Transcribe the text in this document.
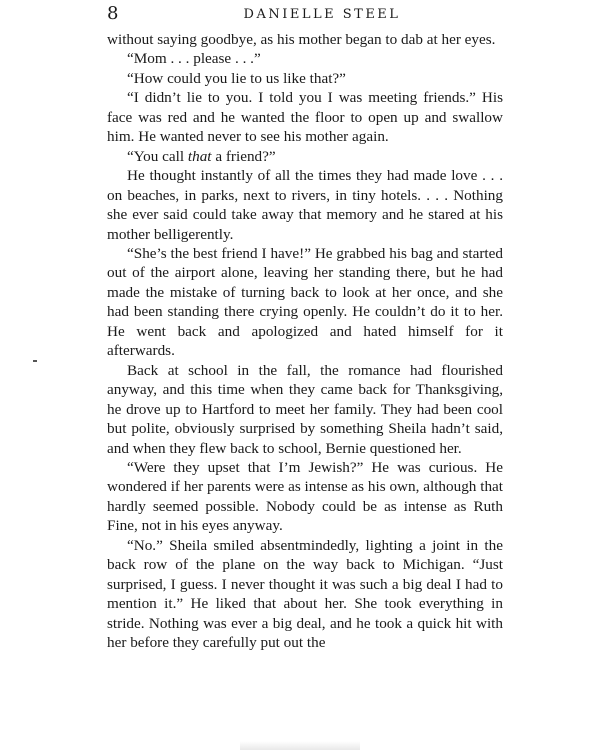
8	DANIELLE STEEL

without saying goodbye, as his mother began to dab at her eyes.

“Mom . . . please . . .”

“How could you lie to us like that?”

“I didn’t lie to you. I told you I was meeting friends.” His face was red and he wanted the floor to open up and swallow him. He wanted never to see his mother again.

“You call that a friend?”

He thought instantly of all the times they had made love . . . on beaches, in parks, next to rivers, in tiny hotels. . . . Nothing she ever said could take away that memory and he stared at his mother belligerently.

“She’s the best friend I have!” He grabbed his bag and started out of the airport alone, leaving her standing there, but he had made the mistake of turning back to look at her once, and she had been standing there crying openly. He couldn’t do it to her. He went back and apologized and hated himself for it afterwards.

Back at school in the fall, the romance had flourished anyway, and this time when they came back for Thanksgiving, he drove up to Hartford to meet her family. They had been cool but polite, obviously surprised by something Sheila hadn’t said, and when they flew back to school, Bernie questioned her.

“Were they upset that I’m Jewish?” He was curious. He wondered if her parents were as intense as his own, although that hardly seemed possible. Nobody could be as intense as Ruth Fine, not in his eyes anyway.

“No.” Sheila smiled absentmindedly, lighting a joint in the back row of the plane on the way back to Michigan. “Just surprised, I guess. I never thought it was such a big deal I had to mention it.” He liked that about her. She took everything in stride. Nothing was ever a big deal, and he took a quick hit with her before they carefully put out the
